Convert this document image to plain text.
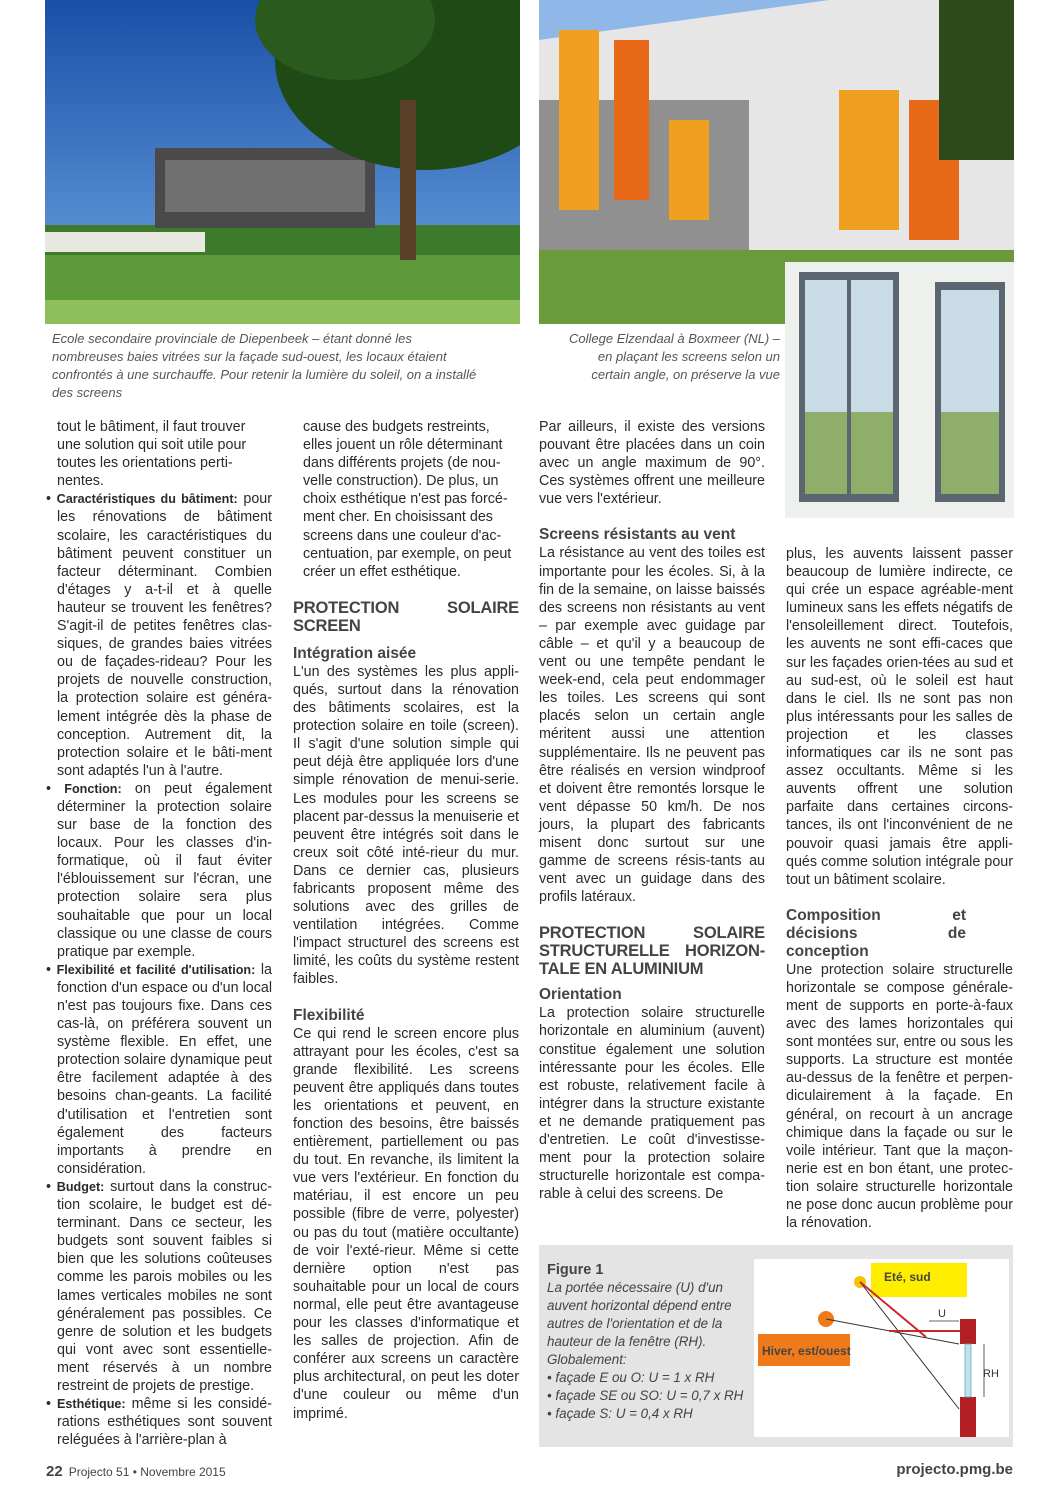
Ecole secondaire provinciale de Diepenbeek – étant donné les nombreuses baies vitrées sur la façade sud-ouest, les locaux étaient confrontés à une surchauffe. Pour retenir la lumière du soleil, on a installé des screens
College Elzendaal à Boxmeer (NL) – en plaçant les screens selon un certain angle, on préserve la vue

tout le bâtiment, il faut trouver une solution qui soit utile pour toutes les orientations perti-nentes.

• Caractéristiques du bâtiment: pour les rénovations de bâtiment scolaire, les caractéristiques du bâtiment peuvent constituer un facteur déterminant. Combien d'étages y a-t-il et à quelle hauteur se trouvent les fenêtres? S'agit-il de petites fenêtres clas-siques, de grandes baies vitrées ou de façades-rideau? Pour les projets de nouvelle construction, la protection solaire est généra-lement intégrée dès la phase de conception. Autrement dit, la protection solaire et le bâti-ment sont adaptés l'un à l'autre.

• Fonction: on peut également déterminer la protection solaire sur base de la fonction des locaux. Pour les classes d'in-formatique, où il faut éviter l'éblouissement sur l'écran, une protection solaire sera plus souhaitable que pour un local classique ou une classe de cours pratique par exemple.

• Flexibilité et facilité d'utilisation: la fonction d'un espace ou d'un local n'est pas toujours fixe. Dans ces cas-là, on préférera souvent un système flexible. En effet, une protection solaire dynamique peut être facilement adaptée à des besoins chan-geants. La facilité d'utilisation et l'entretien sont également des facteurs importants à prendre en considération.

• Budget: surtout dans la construc-tion scolaire, le budget est dé-terminant. Dans ce secteur, les budgets sont souvent faibles si bien que les solutions coûteuses comme les parois mobiles ou les lames verticales mobiles ne sont généralement pas possibles. Ce genre de solution et les budgets qui vont avec sont essentielle-ment réservés à un nombre restreint de projets de prestige.

• Esthétique: même si les considé-rations esthétiques sont souvent reléguées à l'arrière-plan à

cause des budgets restreints, elles jouent un rôle déterminant dans différents projets (de nou-velle construction). De plus, un choix esthétique n'est pas forcé-ment cher. En choisissant des screens dans une couleur d'ac-centuation, par exemple, on peut créer un effet esthétique.

PROTECTION SOLAIRE SCREEN
Intégration aisée

L'un des systèmes les plus appli-qués, surtout dans la rénovation des bâtiments scolaires, est la protection solaire en toile (screen). Il s'agit d'une solution simple qui peut déjà être appliquée lors d'une simple rénovation de menui-serie. Les modules pour les screens se placent par-dessus la menuiserie et peuvent être intégrés soit dans le creux soit côté inté-rieur du mur. Dans ce dernier cas, plusieurs fabricants proposent même des solutions avec des grilles de ventilation intégrées. Comme l'impact structurel des screens est limité, les coûts du système restent faibles.

Flexibilité

Ce qui rend le screen encore plus attrayant pour les écoles, c'est sa grande flexibilité. Les screens peuvent être appliqués dans toutes les orientations et peuvent, en fonction des besoins, être baissés entièrement, partiellement ou pas du tout. En revanche, ils limitent la vue vers l'extérieur. En fonction du matériau, il est encore un peu possible (fibre de verre, polyester) ou pas du tout (matière occultante) de voir l'exté-rieur. Même si cette dernière option n'est pas souhaitable pour un local de cours normal, elle peut être avantageuse pour les classes d'informatique et les salles de projection. Afin de conférer aux screens un caractère plus architectural, on peut les doter d'une couleur ou même d'un imprimé.

Par ailleurs, il existe des versions pouvant être placées dans un coin avec un angle maximum de 90°. Ces systèmes offrent une meilleure vue vers l'extérieur.

Screens résistants au vent

La résistance au vent des toiles est importante pour les écoles. Si, à la fin de la semaine, on laisse baissés des screens non résistants au vent – par exemple avec guidage par câble – et qu'il y a beaucoup de vent ou une tempête pendant le week-end, cela peut endommager les toiles. Les screens qui sont placés selon un certain angle méritent aussi une attention supplémentaire. Ils ne peuvent pas être réalisés en version windproof et doivent être remontés lorsque le vent dépasse 50 km/h. De nos jours, la plupart des fabricants misent donc surtout sur une gamme de screens résis-tants au vent avec un guidage dans des profils latéraux.

PROTECTION SOLAIRE STRUCTURELLE HORIZON-TALE EN ALUMINIUM
Orientation

La protection solaire structurelle horizontale en aluminium (auvent) constitue également une solution intéressante pour les écoles. Elle est robuste, relativement facile à intégrer dans la structure existante et ne demande pratiquement pas d'entretien. Le coût d'investisse-ment pour la protection solaire structurelle horizontale est compa-rable à celui des screens. De

plus, les auvents laissent passer beaucoup de lumière indirecte, ce qui crée un espace agréable-ment lumineux sans les effets négatifs de l'ensoleillement direct. Toutefois, les auvents ne sont effi-caces que sur les façades orien-tées au sud et au sud-est, où le soleil est haut dans le ciel. Ils ne sont pas non plus intéressants pour les salles de projection et les classes informatiques car ils ne sont pas assez occultants. Même si les auvents offrent une solution parfaite dans certaines circons-tances, ils ont l'inconvénient de ne pouvoir quasi jamais être appli-qués comme solution intégrale pour tout un bâtiment scolaire.

Composition et décisions de conception

Une protection solaire structurelle horizontale se compose générale-ment de supports en porte-à-faux avec des lames horizontales qui sont montées sur, entre ou sous les supports. La structure est montée au-dessus de la fenêtre et perpen-diculairement à la façade. En général, on recourt à un ancrage chimique dans la façade ou sur le voile intérieur. Tant que la maçon-nerie est en bon étant, une protec-tion solaire structurelle horizontale ne pose donc aucun problème pour la rénovation.

Figure 1
La portée nécessaire (U) d'un auvent horizontal dépend entre autres de l'orientation et de la hauteur de la fenêtre (RH). Globalement:
• façade E ou O: U = 1 x RH
• façade SE ou SO: U = 0,7 x RH
• façade S: U = 0,4 x RH
Eté, sud
Hiver, est/ouest
U
RH
22 Projecto 51 • Novembre 2015	projecto.pmg.be
